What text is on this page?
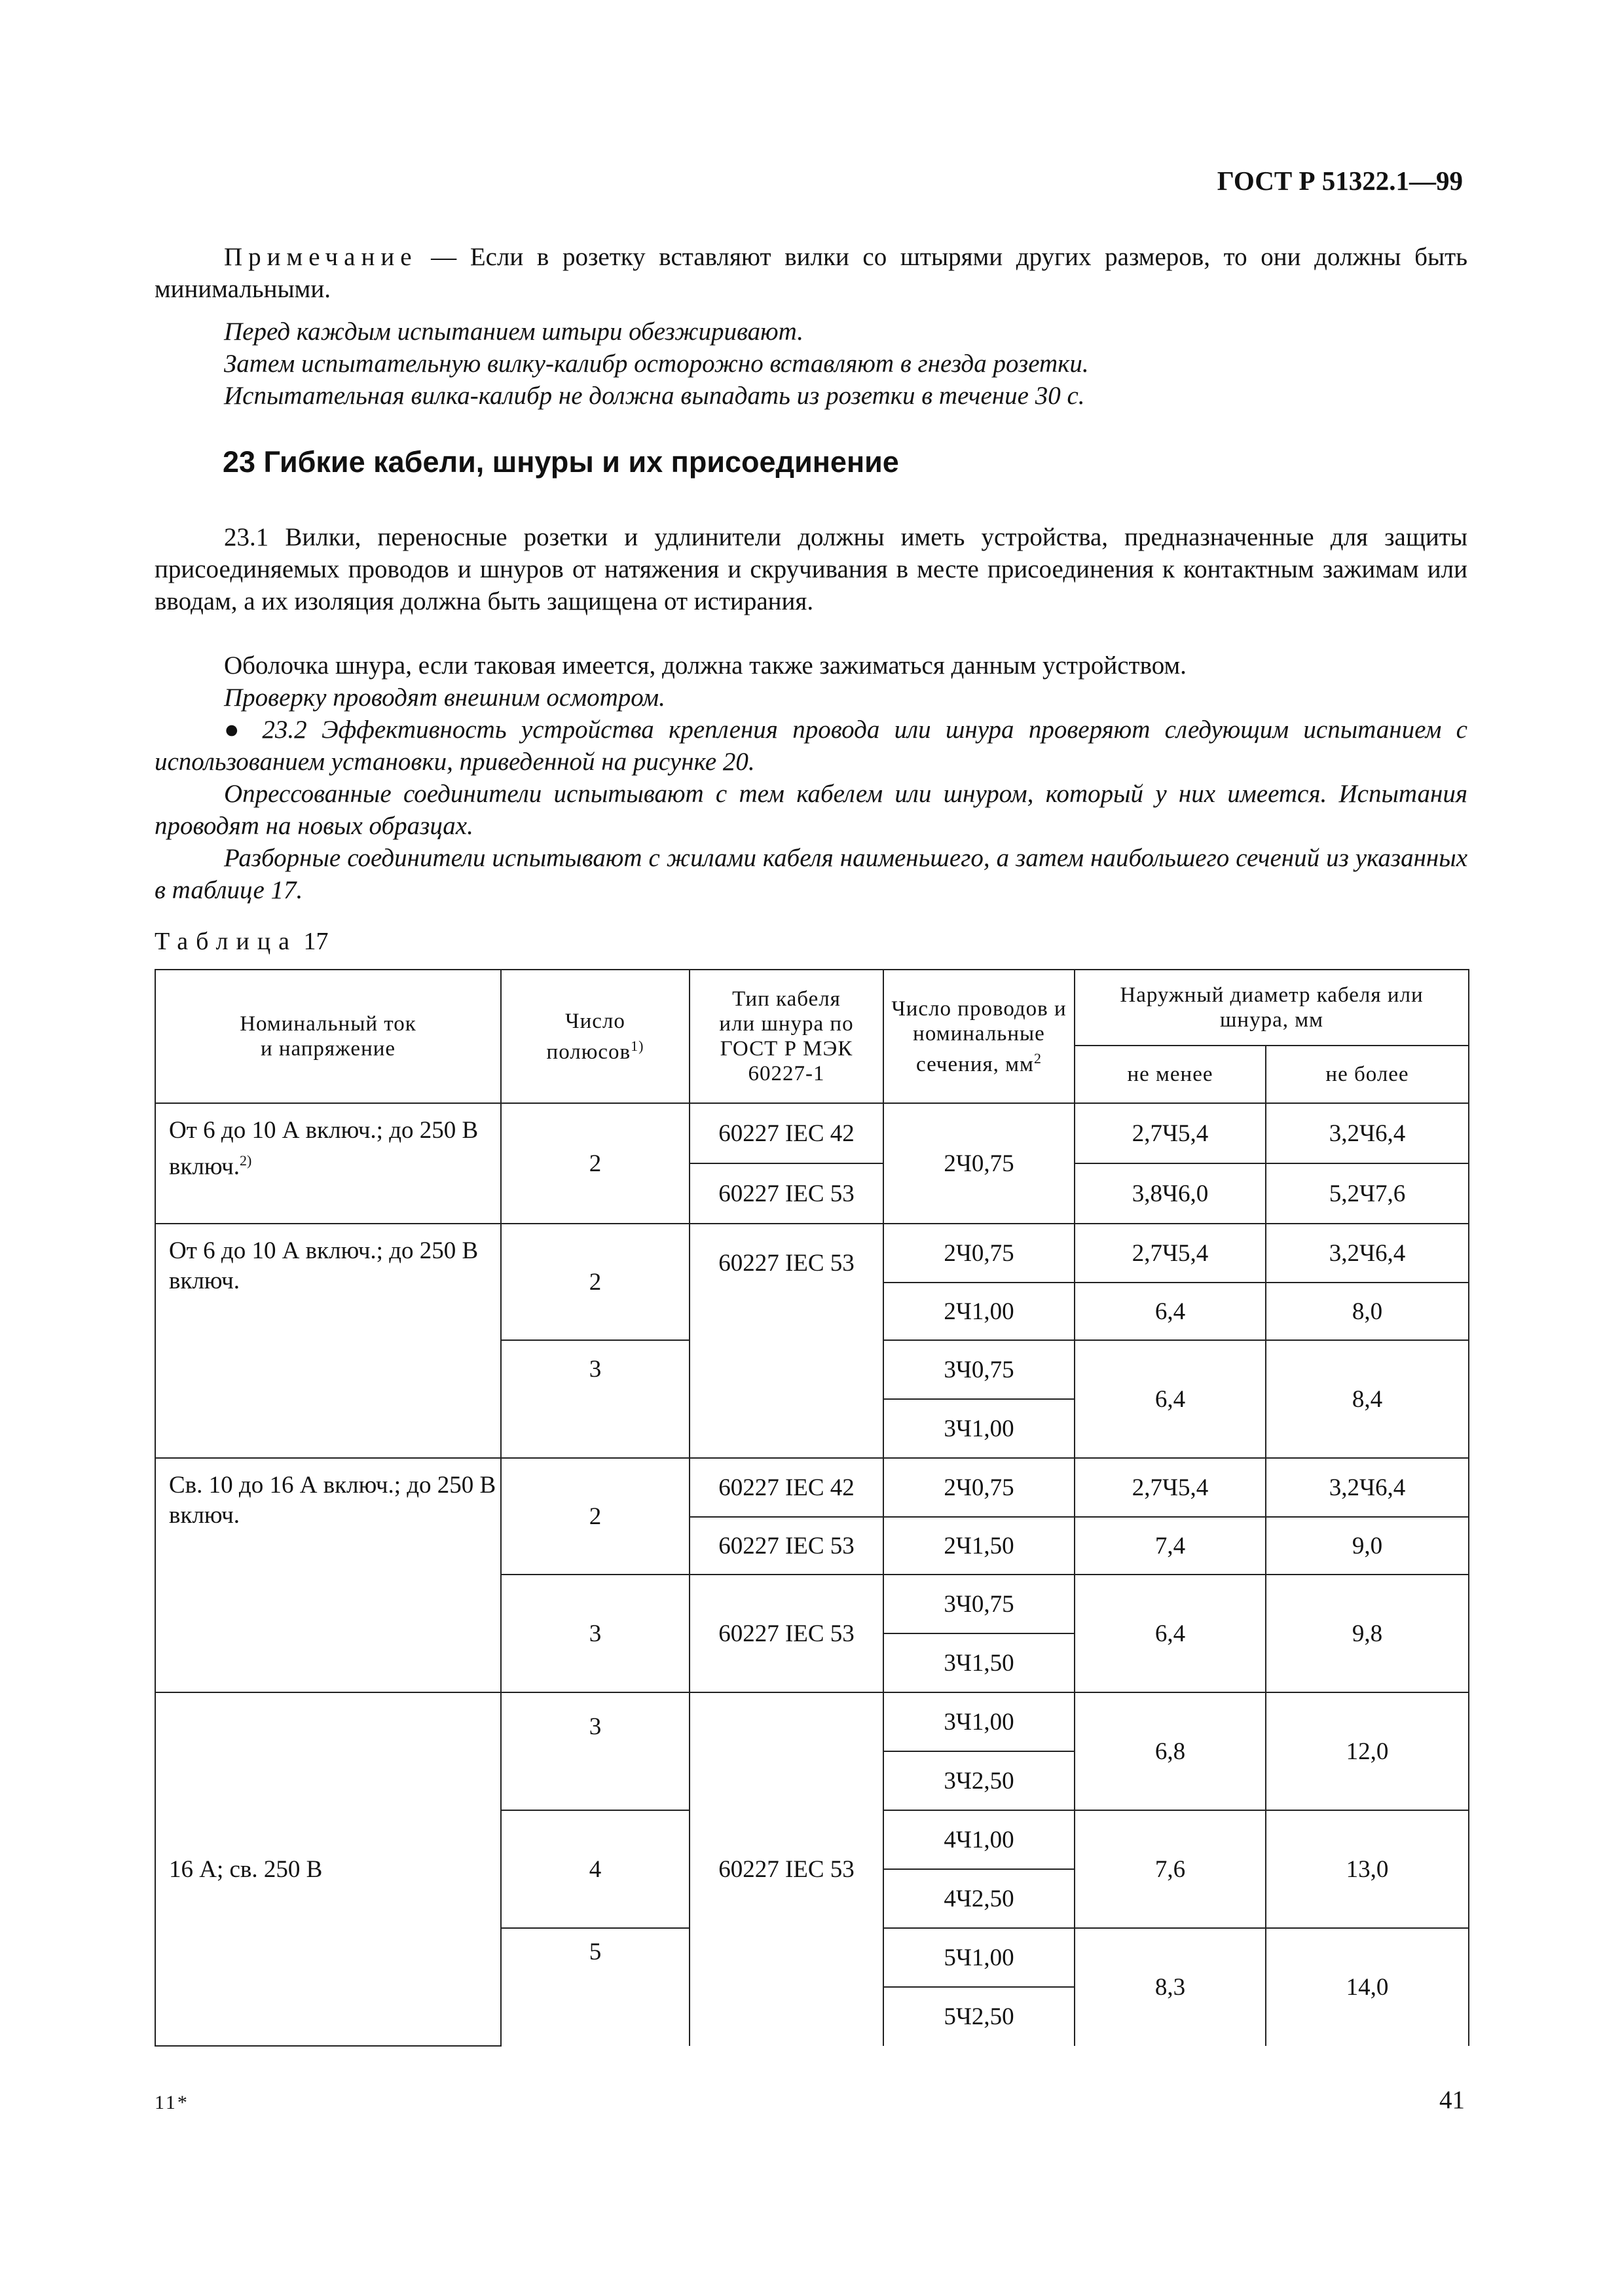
ГОСТ Р 51322.1—99
Примечание — Если в розетку вставляют вилки со штырями других размеров, то они должны быть минимальными.
Перед каждым испытанием штыри обезжиривают.
Затем испытательную вилку-калибр осторожно вставляют в гнезда розетки.
Испытательная вилка-калибр не должна выпадать из розетки в течение 30 с.
23 Гибкие кабели, шнуры и их присоединение
23.1 Вилки, переносные розетки и удлинители должны иметь устройства, предназначенные для защиты присоединяемых проводов и шнуров от натяжения и скручивания в месте присоединения к контактным зажимам или вводам, а их изоляция должна быть защищена от истирания.
Оболочка шнура, если таковая имеется, должна также зажиматься данным устройством.
Проверку проводят внешним осмотром.
● 23.2 Эффективность устройства крепления провода или шнура проверяют следующим испытанием с использованием установки, приведенной на рисунке 20.
Опрессованные соединители испытывают с тем кабелем или шнуром, который у них имеется. Испытания проводят на новых образцах.
Разборные соединители испытывают с жилами кабеля наименьшего, а затем наибольшего сечений из указанных в таблице 17.
Таблица 17
Номинальный ток и напряжение	Число полюсов$^{1)}$	Тип кабеля или шнура по ГОСТ Р МЭК 60227-1	Число проводов и номинальные сечения, $мм^2$	Наружный диаметр кабеля или шнура, мм	

				не менее	не более
От 6 до 10 А включ.; до 250 В включ.$^{2)}$	2	60227 IEC 42	2Ч0,75	2,7Ч5,4	3,2Ч6,4
		60227 IEC 53		3,8Ч6,0	5,2Ч7,6
От 6 до 10 А включ.; до 250 В включ.	2	60227 IEC 53	2Ч0,75	2,7Ч5,4	3,2Ч6,4
			2Ч1,00	6,4	8,0
	3		3Ч0,75	6,4	8,4
			3Ч1,00		
Св. 10 до 16 А включ.; до 250 В включ.	2	60227 IEC 42	2Ч0,75	2,7Ч5,4	3,2Ч6,4
		60227 IEC 53	2Ч1,50	7,4	9,0
	3	60227 IEC 53	3Ч0,75	6,4	9,8
			3Ч1,50		
16 А; св. 250 В	3	60227 IEC 53	3Ч1,00	6,8	12,0
			3Ч2,50		
	4		4Ч1,00	7,6	13,0
			4Ч2,50		
	5		5Ч1,00	8,3	14,0
			5Ч2,50		
11*	41
